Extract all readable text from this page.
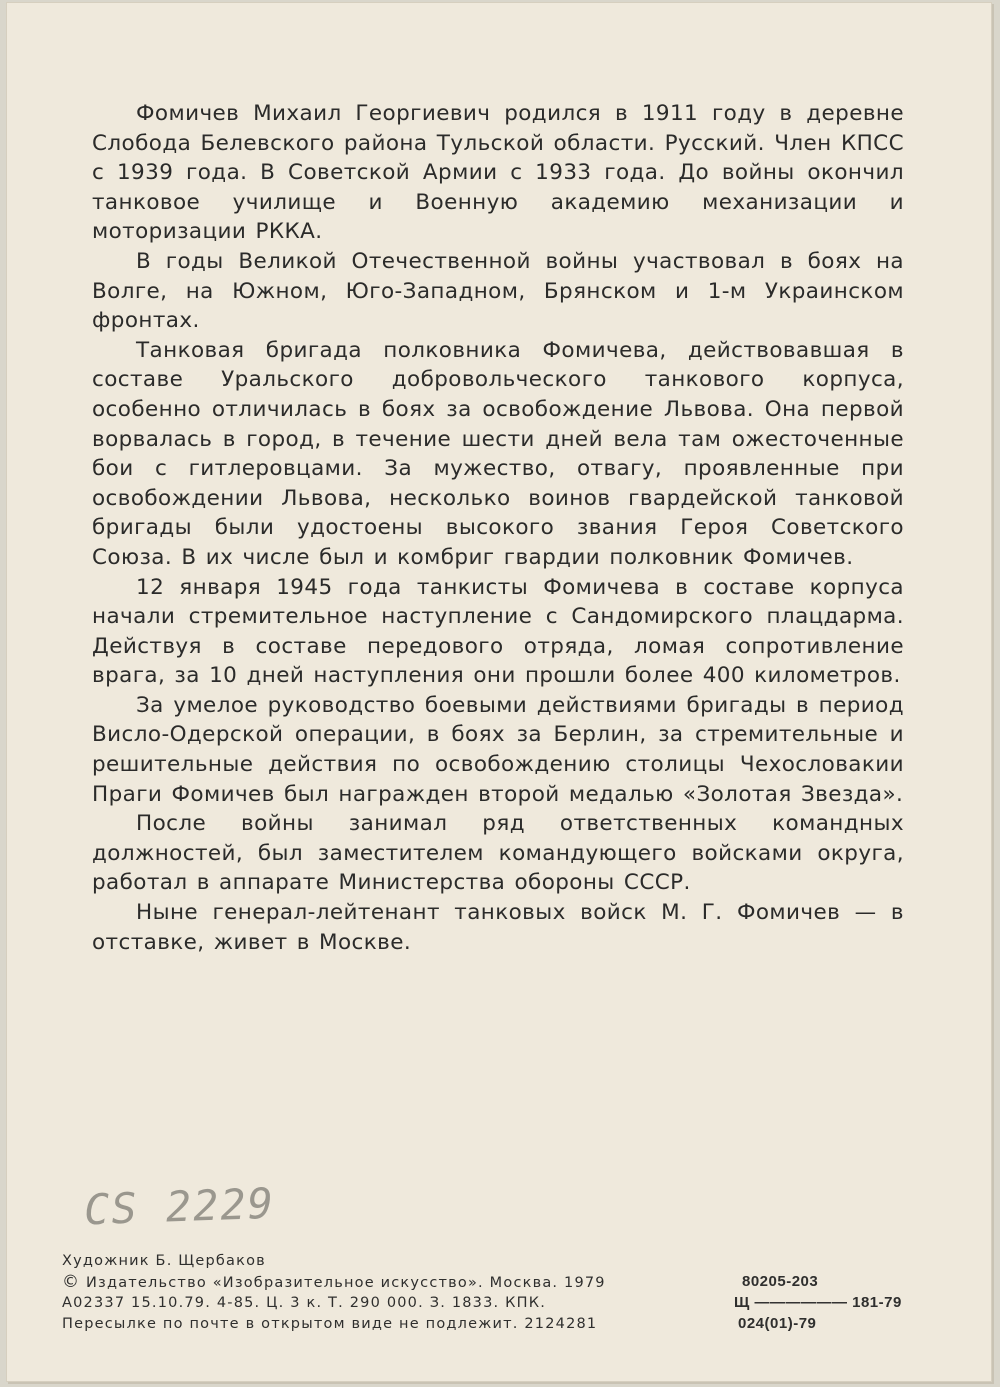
Фомичев Михаил Георгиевич родился в 1911 году в деревне Слобода Белевского района Тульской области. Русский. Член КПСС с 1939 года. В Советской Армии с 1933 года. До войны окончил танковое училище и Военную академию механизации и моторизации РККА.

В годы Великой Отечественной войны участвовал в боях на Волге, на Южном, Юго-Западном, Брянском и 1-м Украинском фронтах.

Танковая бригада полковника Фомичева, действовавшая в составе Уральского добровольческого танкового корпуса, особенно отличилась в боях за освобождение Львова. Она первой ворвалась в город, в течение шести дней вела там ожесточенные бои с гитлеровцами. За мужество, отвагу, проявленные при освобождении Львова, несколько воинов гвардейской танковой бригады были удостоены высокого звания Героя Советского Союза. В их числе был и комбриг гвардии полковник Фомичев.

12 января 1945 года танкисты Фомичева в составе корпуса начали стремительное наступление с Сандомирского плацдарма. Действуя в составе передового отряда, ломая сопротивление врага, за 10 дней наступления они прошли более 400 километров.

За умелое руководство боевыми действиями бригады в период Висло-Одерской операции, в боях за Берлин, за стремительные и решительные действия по освобождению столицы Чехословакии Праги Фомичев был награжден второй медалью «Золотая Звезда».

После войны занимал ряд ответственных командных должностей, был заместителем командующего войсками округа, работал в аппарате Министерства обороны СССР.

Ныне генерал-лейтенант танковых войск М. Г. Фомичев — в отставке, живет в Москве.

CS 2229
Художник Б. Щербаков
© Издательство «Изобразительное искусство». Москва. 1979	80205-203
А02337 15.10.79. 4-85. Ц. 3 к. Т. 290 000. З. 1833. КПК.	Щ —————— 181-79
Пересылке по почте в открытом виде не подлежит. 2124281	024(01)-79
